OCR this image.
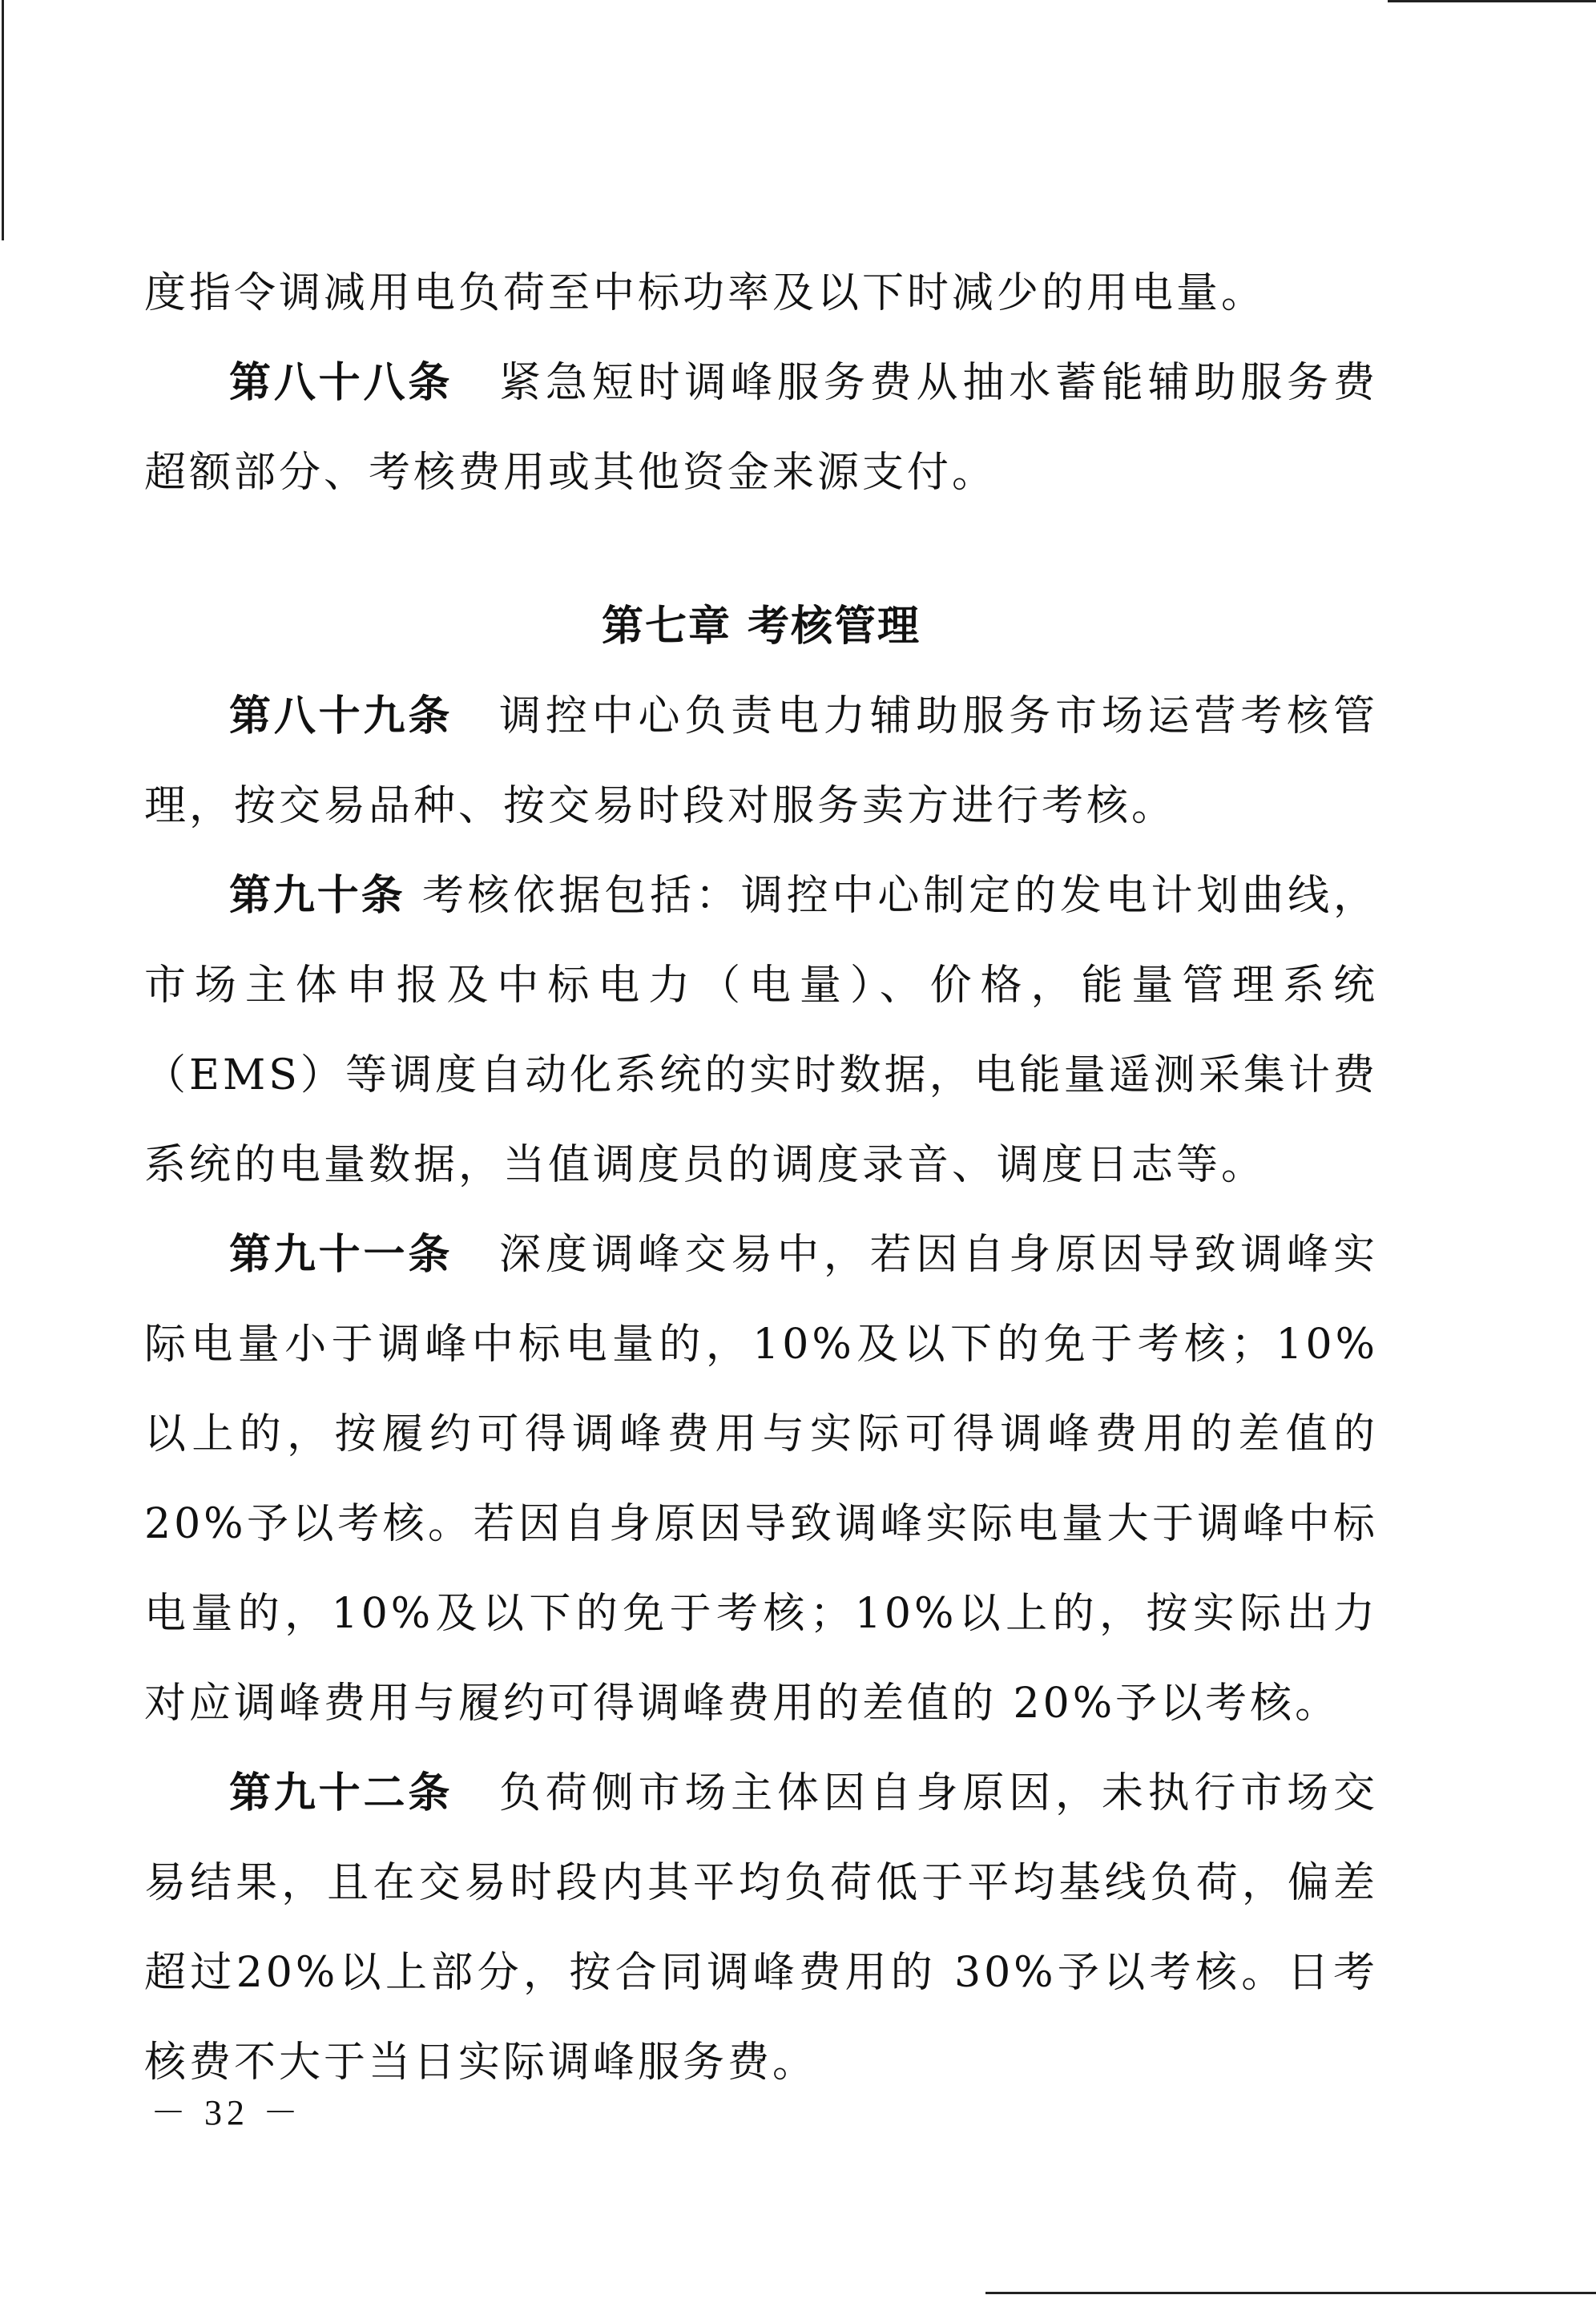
度指令调减用电负荷至中标功率及以下时减少的用电量。

第八十八条　紧急短时调峰服务费从抽水蓄能辅助服务费超额部分、考核费用或其他资金来源支付。

第七章 考核管理

第八十九条　调控中心负责电力辅助服务市场运营考核管理，按交易品种、按交易时段对服务卖方进行考核。

第九十条 考核依据包括：调控中心制定的发电计划曲线，市场主体申报及中标电力（电量）、价格，能量管理系统（EMS）等调度自动化系统的实时数据，电能量遥测采集计费系统的电量数据，当值调度员的调度录音、调度日志等。

第九十一条　深度调峰交易中，若因自身原因导致调峰实际电量小于调峰中标电量的，10%及以下的免于考核；10%以上的，按履约可得调峰费用与实际可得调峰费用的差值的 20%予以考核。若因自身原因导致调峰实际电量大于调峰中标电量的，10%及以下的免于考核；10%以上的，按实际出力对应调峰费用与履约可得调峰费用的差值的 20%予以考核。

第九十二条　负荷侧市场主体因自身原因，未执行市场交易结果，且在交易时段内其平均负荷低于平均基线负荷，偏差超过20%以上部分，按合同调峰费用的 30%予以考核。日考核费不大于当日实际调峰服务费。

－ 32 －
